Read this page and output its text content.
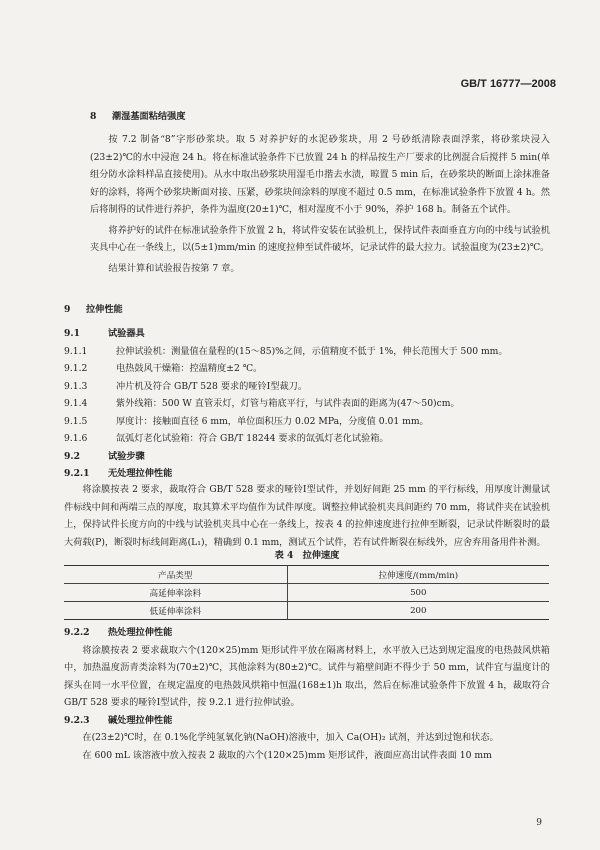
GB/T 16777—2008
8 潮湿基面粘结强度
按 7.2 制备“8”字形砂浆块。取 5 对养护好的水泥砂浆块，用 2 号砂纸清除表面浮浆，将砂浆块浸入(23±2)℃的水中浸泡 24 h。将在标准试验条件下已放置 24 h 的样品按生产厂要求的比例混合后搅拌 5 min(单组分防水涂料样品直接使用)。从水中取出砂浆块用湿毛巾揩去水渍，晾置 5 min 后，在砂浆块的断面上涂抹准备好的涂料，将两个砂浆块断面对接、压紧，砂浆块间涂料的厚度不超过 0.5 mm，在标准试验条件下放置 4 h。然后将制得的试件进行养护，条件为温度(20±1)℃，相对湿度不小于 90%，养护 168 h。制备五个试件。
将养护好的试件在标准试验条件下放置 2 h，将试件安装在试验机上，保持试件表面垂直方向的中线与试验机夹具中心在一条线上，以(5±1)mm/min 的速度拉伸至试件破坏，记录试件的最大拉力。试验温度为(23±2)℃。
结果计算和试验报告按第 7 章。
9 拉伸性能
9.1	试验器具
9.1.1	拉伸试验机：测量值在量程的(15～85)%之间，示值精度不低于 1%，伸长范围大于 500 mm。
9.1.2	电热鼓风干燥箱：控温精度±2 ℃。
9.1.3	冲片机及符合 GB/T 528 要求的哑铃Ⅰ型裁刀。
9.1.4	紫外线箱：500 W 直管汞灯，灯管与箱底平行，与试件表面的距离为(47～50)cm。
9.1.5	厚度计：接触面直径 6 mm，单位面积压力 0.02 MPa，分度值 0.01 mm。
9.1.6	氙弧灯老化试验箱：符合 GB/T 18244 要求的氙弧灯老化试验箱。
9.2	试验步骤
9.2.1 无处理拉伸性能
将涂膜按表 2 要求，裁取符合 GB/T 528 要求的哑铃Ⅰ型试件，并划好间距 25 mm 的平行标线，用厚度计测量试件标线中间和两端三点的厚度，取其算术平均值作为试件厚度。调整拉伸试验机夹具间距约 70 mm，将试件夹在试验机上，保持试件长度方向的中线与试验机夹具中心在一条线上，按表 4 的拉伸速度进行拉伸至断裂，记录试件断裂时的最大荷载(P)，断裂时标线间距离(L₁)，精确到 0.1 mm，测试五个试件，若有试件断裂在标线外，应舍弃用备用件补测。
表 4　拉伸速度
产品类型	拉伸速度/(mm/min)
高延伸率涂料	500
低延伸率涂料	200
9.2.2 热处理拉伸性能
将涂膜按表 2 要求裁取六个(120×25)mm 矩形试件平放在隔离材料上，水平放入已达到规定温度的电热鼓风烘箱中，加热温度沥青类涂料为(70±2)℃，其他涂料为(80±2)℃。试件与箱壁间距不得少于 50 mm，试件宜与温度计的探头在同一水平位置，在规定温度的电热鼓风烘箱中恒温(168±1)h 取出，然后在标准试验条件下放置 4 h，裁取符合 GB/T 528 要求的哑铃Ⅰ型试件，按 9.2.1 进行拉伸试验。
9.2.3 碱处理拉伸性能
在(23±2)℃时，在 0.1%化学纯氢氧化钠(NaOH)溶液中，加入 Ca(OH)₂ 试剂，并达到过饱和状态。
在 600 mL 该溶液中放入按表 2 裁取的六个(120×25)mm 矩形试件，液面应高出试件表面 10 mm
9
